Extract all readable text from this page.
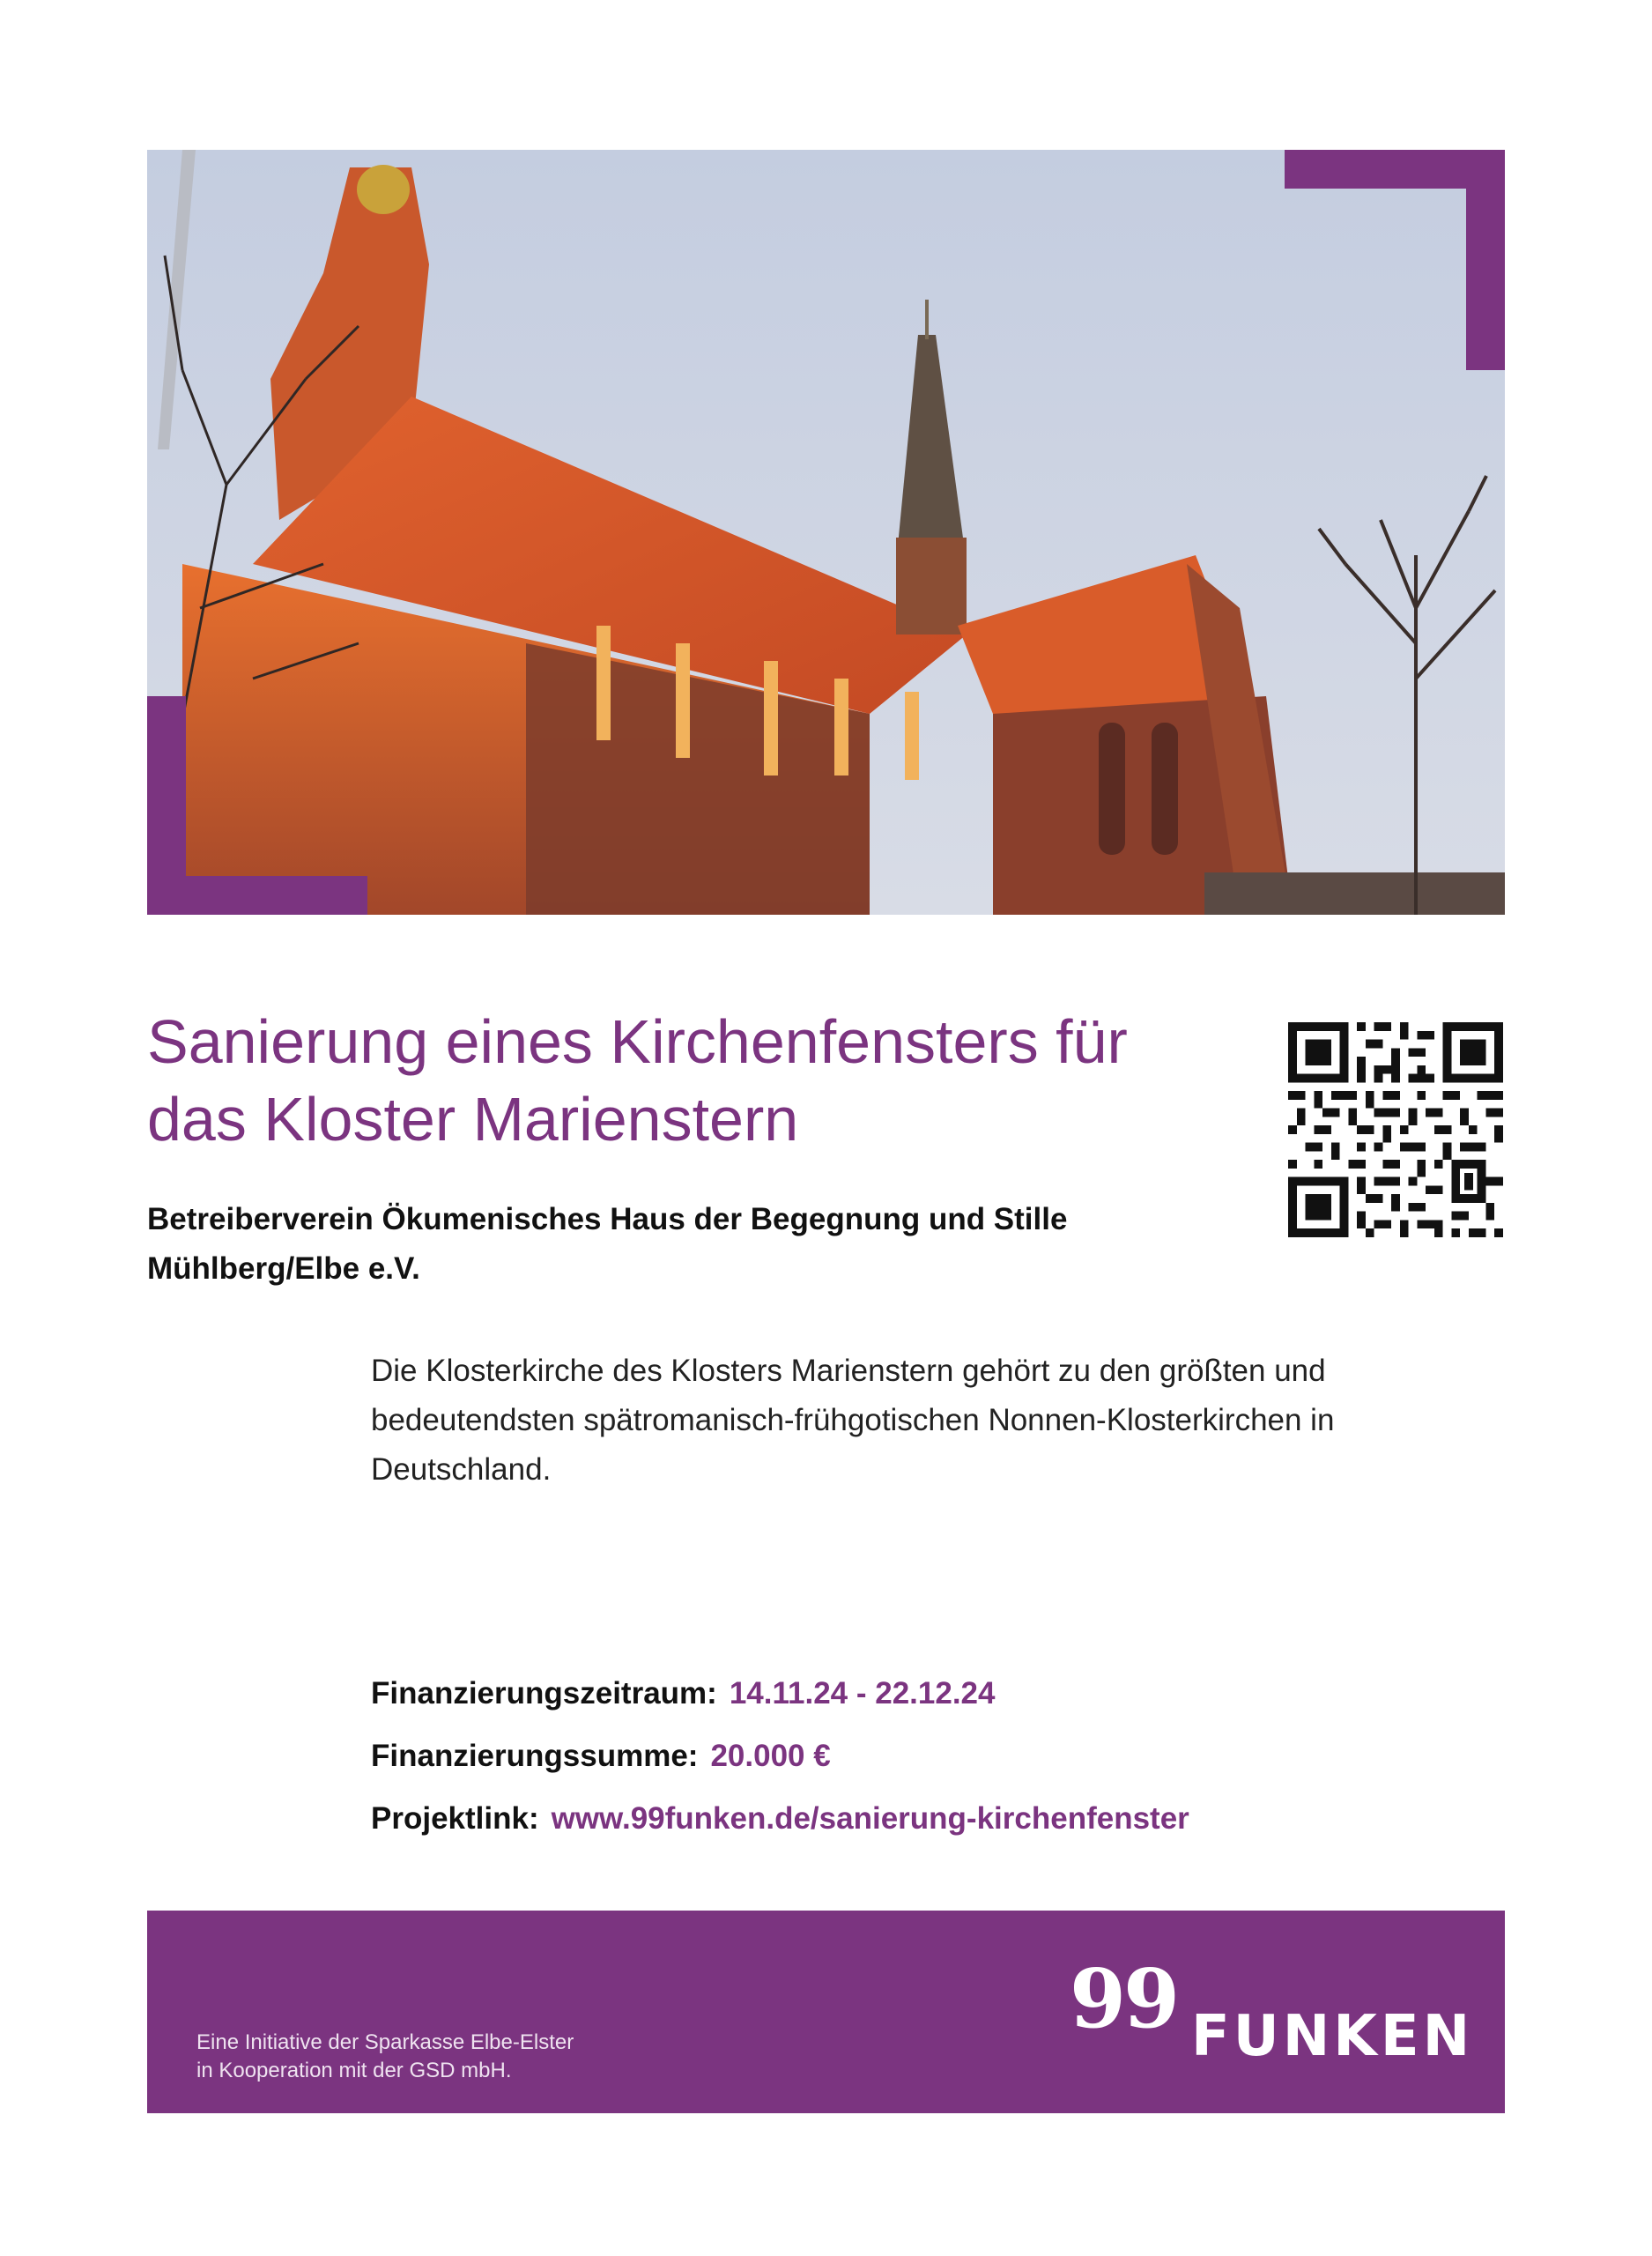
Sanierung eines Kirchenfensters für
das Kloster Marienstern
Betreiberverein Ökumenisches Haus der Begegnung und Stille
Mühlberg/Elbe e.V.
Die Klosterkirche des Klosters Marienstern gehört zu den größten und
bedeutendsten spätromanisch-frühgotischen Nonnen-Klosterkirchen in
Deutschland.
Finanzierungszeitraum: 14.11.24 - 22.12.24
Finanzierungssumme: 20.000 €
Projektlink: www.99funken.de/sanierung-kirchenfenster
Eine Initiative der Sparkasse Elbe-Elster
in Kooperation mit der GSD mbH.
99 FUNKEN
